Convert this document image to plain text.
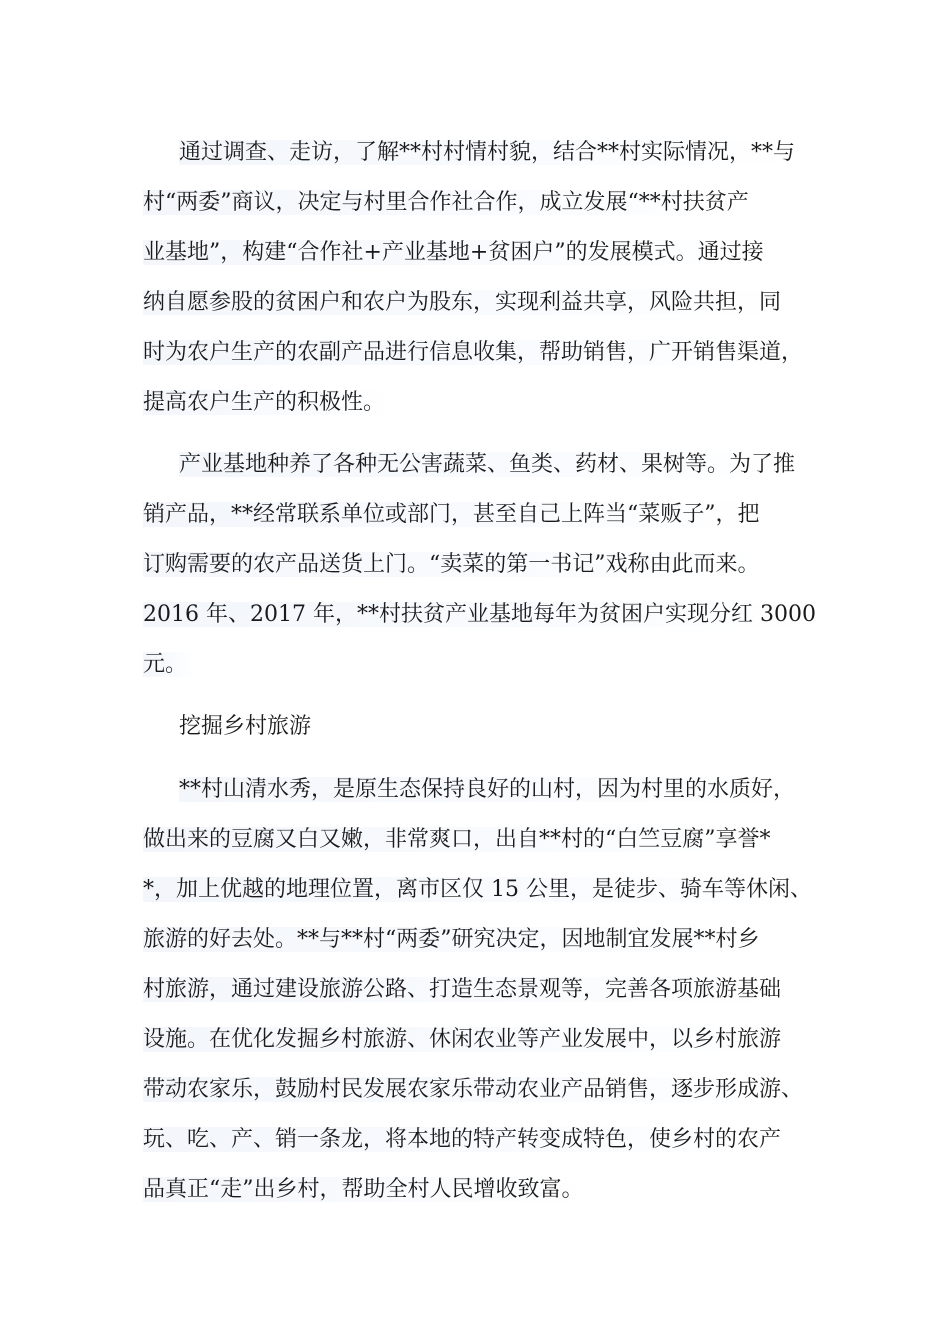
通过调查、走访，了解**村村情村貌，结合**村实际情况，**与
村“两委”商议，决定与村里合作社合作，成立发展“**村扶贫产
业基地”，构建“合作社+产业基地+贫困户”的发展模式。通过接
纳自愿参股的贫困户和农户为股东，实现利益共享，风险共担，同
时为农户生产的农副产品进行信息收集，帮助销售，广开销售渠道，
提高农户生产的积极性。
产业基地种养了各种无公害蔬菜、鱼类、药材、果树等。为了推
销产品，**经常联系单位或部门，甚至自己上阵当“菜贩子”，把
订购需要的农产品送货上门。“卖菜的第一书记”戏称由此而来。
2016 年、2017 年，**村扶贫产业基地每年为贫困户实现分红 3000
元。
挖掘乡村旅游
**村山清水秀，是原生态保持良好的山村，因为村里的水质好，
做出来的豆腐又白又嫩，非常爽口，出自**村的“白竺豆腐”享誉*
*，加上优越的地理位置，离市区仅 15 公里，是徒步、骑车等休闲、
旅游的好去处。**与**村“两委”研究决定，因地制宜发展**村乡
村旅游，通过建设旅游公路、打造生态景观等，完善各项旅游基础
设施。在优化发掘乡村旅游、休闲农业等产业发展中，以乡村旅游
带动农家乐，鼓励村民发展农家乐带动农业产品销售，逐步形成游、
玩、吃、产、销一条龙，将本地的特产转变成特色，使乡村的农产
品真正“走”出乡村，帮助全村人民增收致富。
